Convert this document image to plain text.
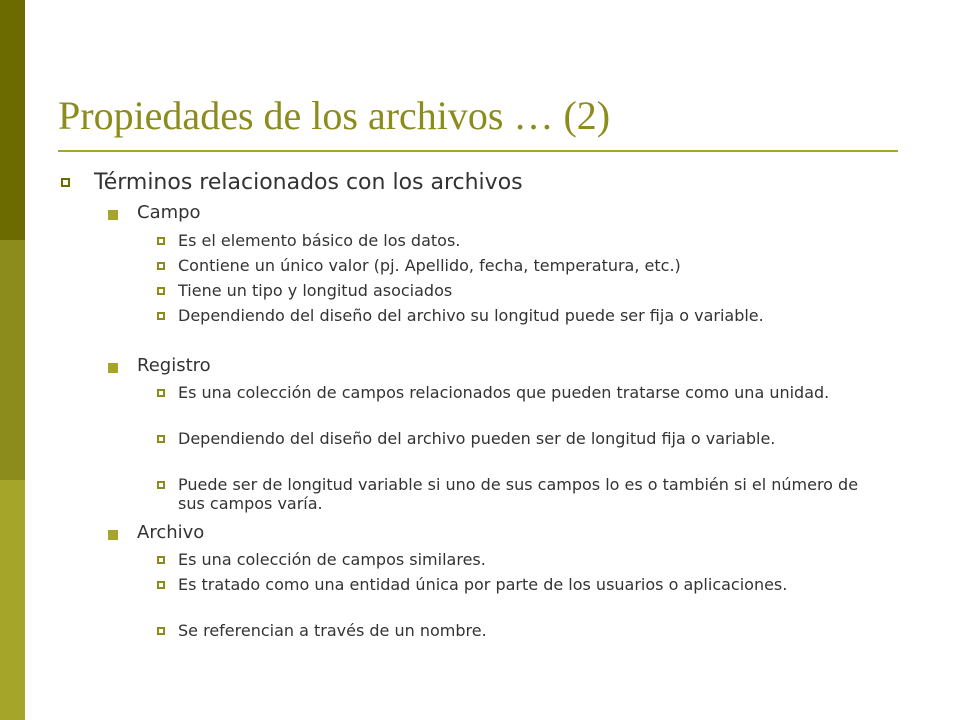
Propiedades de los archivos … (2)
Términos relacionados con los archivos
Campo
Es el elemento básico de los datos.
Contiene un único valor (pj. Apellido, fecha, temperatura, etc.)
Tiene un tipo y longitud asociados
Dependiendo del diseño del archivo su longitud puede ser fija o variable.
Registro
Es una colección de campos relacionados que pueden tratarse como una unidad.
Dependiendo del diseño del archivo pueden ser de longitud fija o variable.
Puede ser de longitud variable si uno de sus campos lo es o también si el número de sus campos varía.
Archivo
Es una colección de campos similares.
Es tratado como una entidad única por parte de los usuarios o aplicaciones.
Se referencian a través de un nombre.
